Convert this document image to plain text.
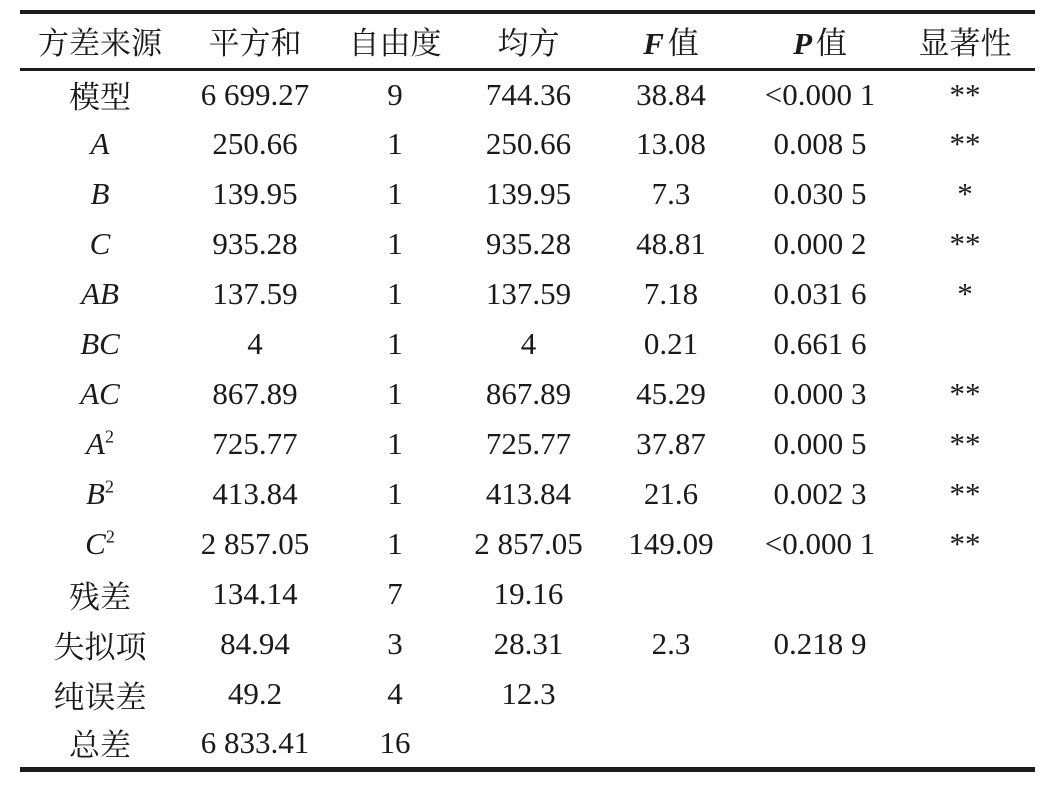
方差来源	平方和	自由度	均方	F 值	P 值	显著性
模型	6 699.27	9	744.36	38.84	<0.000 1	**
A	250.66	1	250.66	13.08	0.008 5	**
B	139.95	1	139.95	7.3	0.030 5	*
C	935.28	1	935.28	48.81	0.000 2	**
AB	137.59	1	137.59	7.18	0.031 6	*
BC	4	1	4	0.21	0.661 6	
AC	867.89	1	867.89	45.29	0.000 3	**
$A^2$	725.77	1	725.77	37.87	0.000 5	**
$B^2$	413.84	1	413.84	21.6	0.002 3	**
$C^2$	2 857.05	1	2 857.05	149.09	<0.000 1	**
残差	134.14	7	19.16			
失拟项	84.94	3	28.31	2.3	0.218 9	
纯误差	49.2	4	12.3			
总差	6 833.41	16				
